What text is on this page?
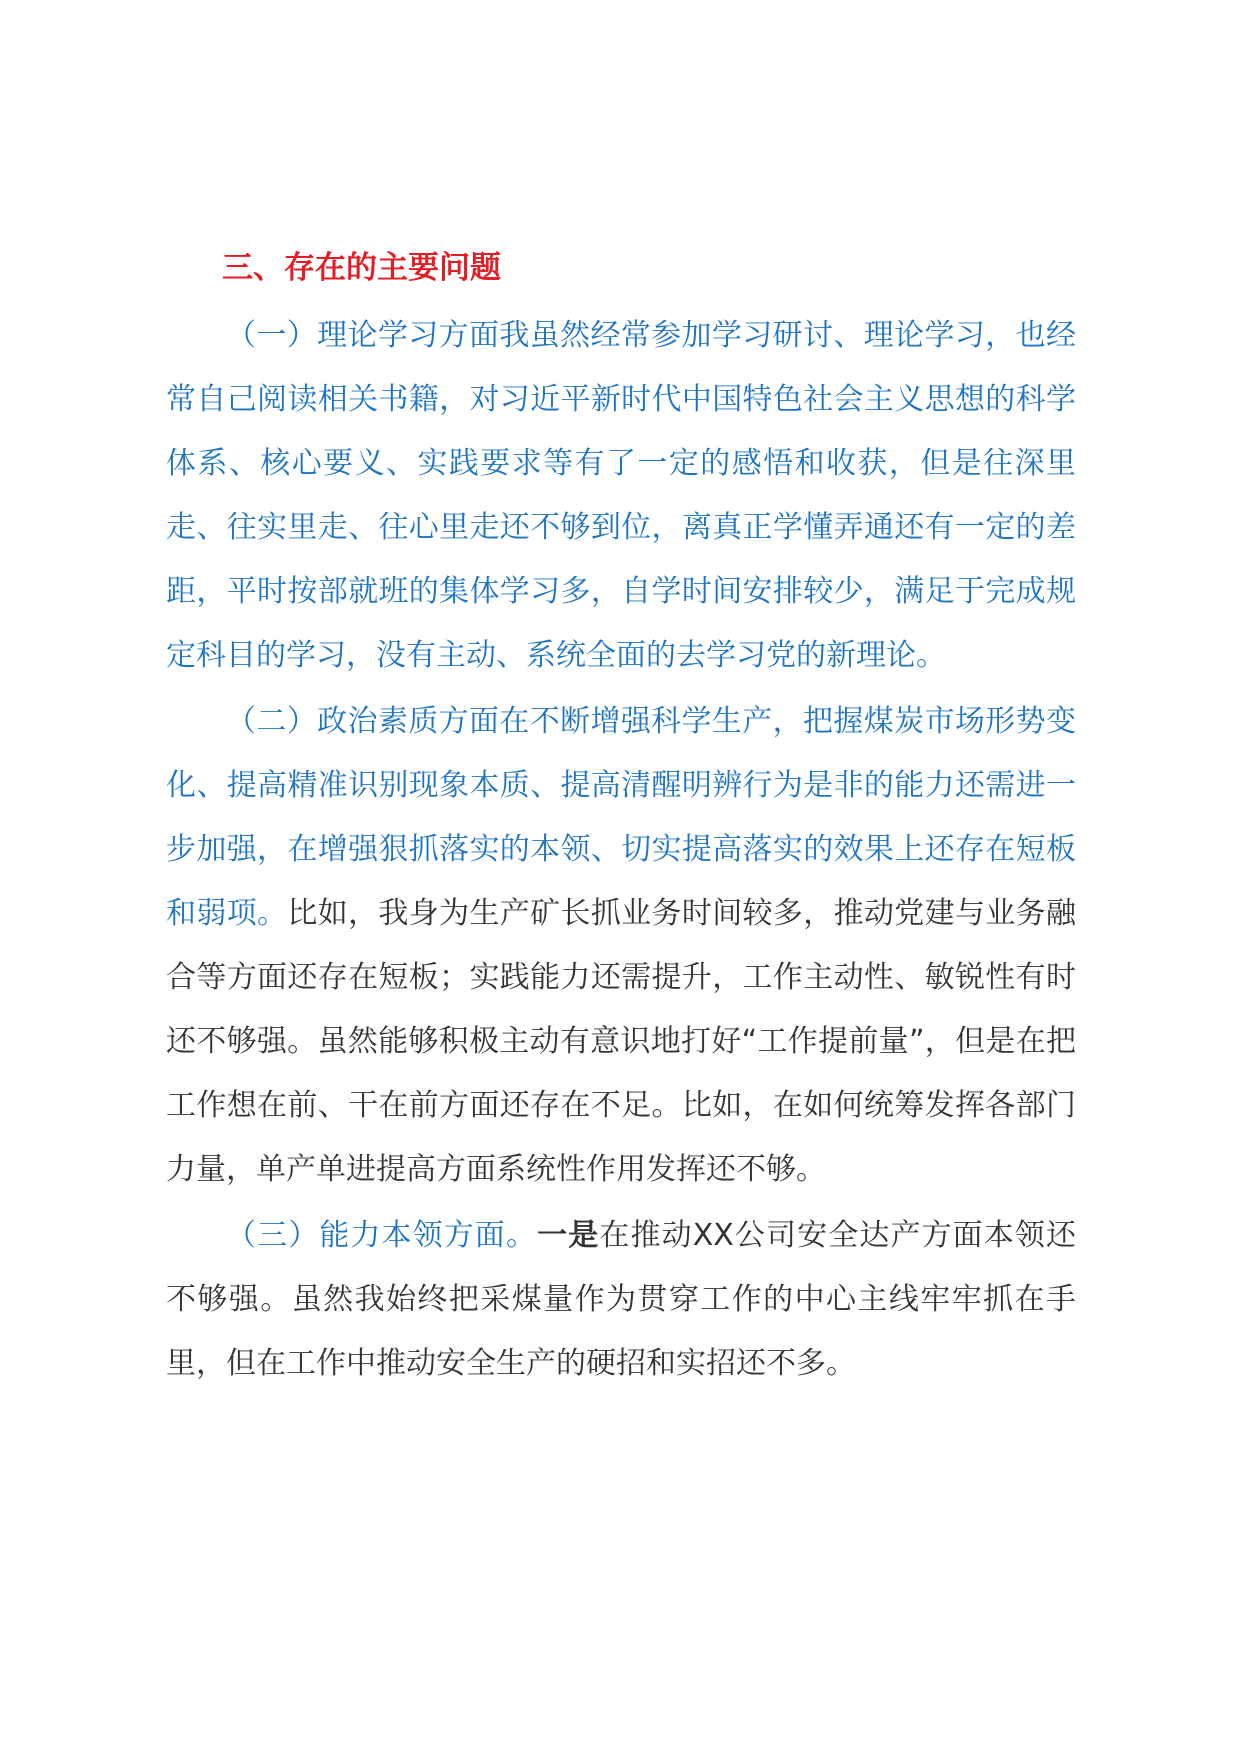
三、存在的主要问题

（一）理论学习方面我虽然经常参加学习研讨、理论学习，也经常自己阅读相关书籍，对习近平新时代中国特色社会主义思想的科学体系、核心要义、实践要求等有了一定的感悟和收获，但是往深里走、往实里走、往心里走还不够到位，离真正学懂弄通还有一定的差距，平时按部就班的集体学习多，自学时间安排较少，满足于完成规定科目的学习，没有主动、系统全面的去学习党的新理论。

（二）政治素质方面在不断增强科学生产，把握煤炭市场形势变化、提高精准识别现象本质、提高清醒明辨行为是非的能力还需进一步加强，在增强狠抓落实的本领、切实提高落实的效果上还存在短板和弱项。比如，我身为生产矿长抓业务时间较多，推动党建与业务融合等方面还存在短板；实践能力还需提升，工作主动性、敏锐性有时还不够强。虽然能够积极主动有意识地打好“工作提前量”，但是在把工作想在前、干在前方面还存在不足。比如，在如何统筹发挥各部门力量，单产单进提高方面系统性作用发挥还不够。

（三）能力本领方面。一是在推动XX公司安全达产方面本领还不够强。虽然我始终把采煤量作为贯穿工作的中心主线牢牢抓在手里，但在工作中推动安全生产的硬招和实招还不多。
